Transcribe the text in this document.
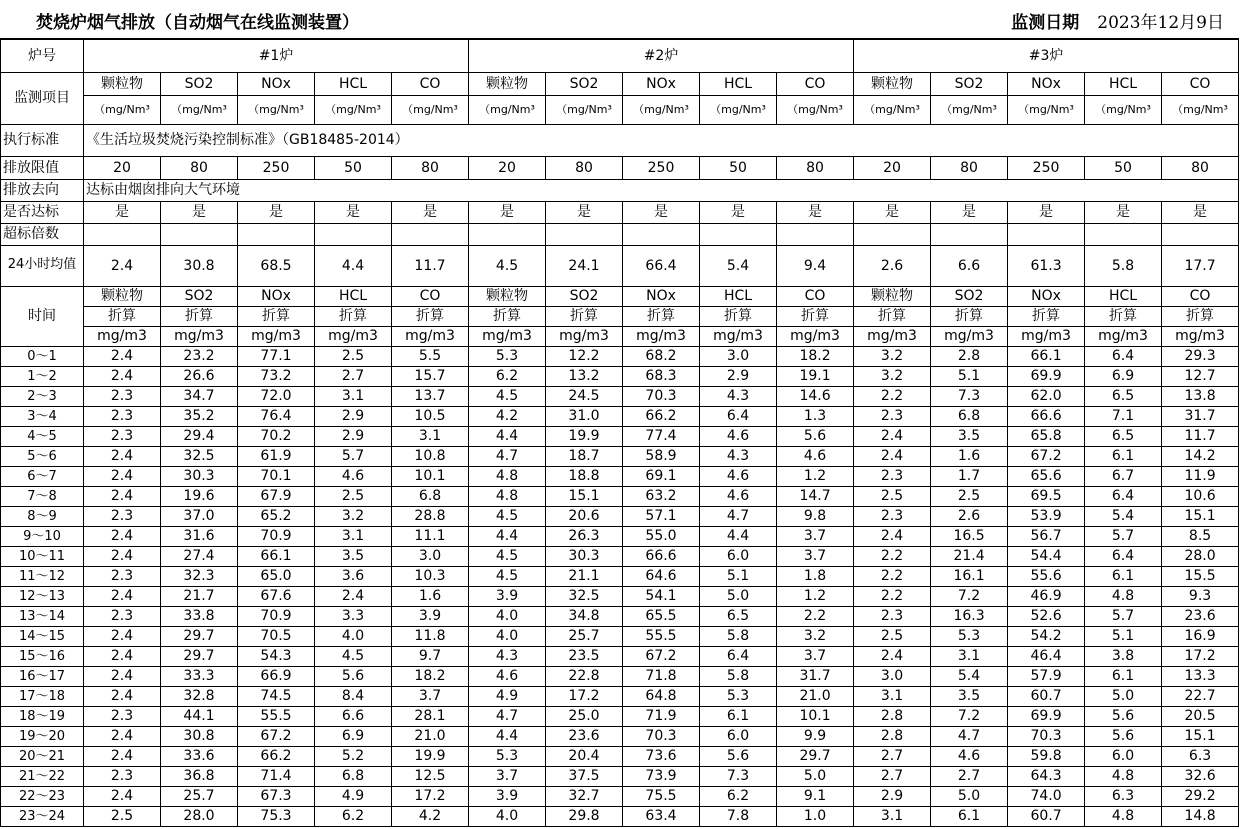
焚烧炉烟气排放（自动烟气在线监测装置）	监测日期 2023年12月9日
炉号	#1炉					#2炉					#3炉				
监测项目	颗粒物	SO2	NOx	HCL	CO	颗粒物	SO2	NOx	HCL	CO	颗粒物	SO2	NOx	HCL	CO
	（mg/Nm³	（mg/Nm³	（mg/Nm³	（mg/Nm³	（mg/Nm³	（mg/Nm³	（mg/Nm³	（mg/Nm³	（mg/Nm³	（mg/Nm³	（mg/Nm³	（mg/Nm³	（mg/Nm³	（mg/Nm³	（mg/Nm³
执行标准	《生活垃圾焚烧污染控制标准》（GB18485-2014）														
排放限值	20	80	250	50	80	20	80	250	50	80	20	80	250	50	80
排放去向	达标由烟囱排向大气环境														
是否达标	是	是	是	是	是	是	是	是	是	是	是	是	是	是	是
超标倍数															
24小时均值	2.4	30.8	68.5	4.4	11.7	4.5	24.1	66.4	5.4	9.4	2.6	6.6	61.3	5.8	17.7
时间	颗粒物	SO2	NOx	HCL	CO	颗粒物	SO2	NOx	HCL	CO	颗粒物	SO2	NOx	HCL	CO
	折算	折算	折算	折算	折算	折算	折算	折算	折算	折算	折算	折算	折算	折算	折算
	mg/m3	mg/m3	mg/m3	mg/m3	mg/m3	mg/m3	mg/m3	mg/m3	mg/m3	mg/m3	mg/m3	mg/m3	mg/m3	mg/m3	mg/m3
0～1	2.4	23.2	77.1	2.5	5.5	5.3	12.2	68.2	3.0	18.2	3.2	2.8	66.1	6.4	29.3
1～2	2.4	26.6	73.2	2.7	15.7	6.2	13.2	68.3	2.9	19.1	3.2	5.1	69.9	6.9	12.7
2～3	2.3	34.7	72.0	3.1	13.7	4.5	24.5	70.3	4.3	14.6	2.2	7.3	62.0	6.5	13.8
3～4	2.3	35.2	76.4	2.9	10.5	4.2	31.0	66.2	6.4	1.3	2.3	6.8	66.6	7.1	31.7
4～5	2.3	29.4	70.2	2.9	3.1	4.4	19.9	77.4	4.6	5.6	2.4	3.5	65.8	6.5	11.7
5～6	2.4	32.5	61.9	5.7	10.8	4.7	18.7	58.9	4.3	4.6	2.4	1.6	67.2	6.1	14.2
6～7	2.4	30.3	70.1	4.6	10.1	4.8	18.8	69.1	4.6	1.2	2.3	1.7	65.6	6.7	11.9
7～8	2.4	19.6	67.9	2.5	6.8	4.8	15.1	63.2	4.6	14.7	2.5	2.5	69.5	6.4	10.6
8～9	2.3	37.0	65.2	3.2	28.8	4.5	20.6	57.1	4.7	9.8	2.3	2.6	53.9	5.4	15.1
9～10	2.4	31.6	70.9	3.1	11.1	4.4	26.3	55.0	4.4	3.7	2.4	16.5	56.7	5.7	8.5
10～11	2.4	27.4	66.1	3.5	3.0	4.5	30.3	66.6	6.0	3.7	2.2	21.4	54.4	6.4	28.0
11～12	2.3	32.3	65.0	3.6	10.3	4.5	21.1	64.6	5.1	1.8	2.2	16.1	55.6	6.1	15.5
12～13	2.4	21.7	67.6	2.4	1.6	3.9	32.5	54.1	5.0	1.2	2.2	7.2	46.9	4.8	9.3
13～14	2.3	33.8	70.9	3.3	3.9	4.0	34.8	65.5	6.5	2.2	2.3	16.3	52.6	5.7	23.6
14～15	2.4	29.7	70.5	4.0	11.8	4.0	25.7	55.5	5.8	3.2	2.5	5.3	54.2	5.1	16.9
15～16	2.4	29.7	54.3	4.5	9.7	4.3	23.5	67.2	6.4	3.7	2.4	3.1	46.4	3.8	17.2
16～17	2.4	33.3	66.9	5.6	18.2	4.6	22.8	71.8	5.8	31.7	3.0	5.4	57.9	6.1	13.3
17～18	2.4	32.8	74.5	8.4	3.7	4.9	17.2	64.8	5.3	21.0	3.1	3.5	60.7	5.0	22.7
18～19	2.3	44.1	55.5	6.6	28.1	4.7	25.0	71.9	6.1	10.1	2.8	7.2	69.9	5.6	20.5
19～20	2.4	30.8	67.2	6.9	21.0	4.4	23.6	70.3	6.0	9.9	2.8	4.7	70.3	5.6	15.1
20～21	2.4	33.6	66.2	5.2	19.9	5.3	20.4	73.6	5.6	29.7	2.7	4.6	59.8	6.0	6.3
21～22	2.3	36.8	71.4	6.8	12.5	3.7	37.5	73.9	7.3	5.0	2.7	2.7	64.3	4.8	32.6
22～23	2.4	25.7	67.3	4.9	17.2	3.9	32.7	75.5	6.2	9.1	2.9	5.0	74.0	6.3	29.2
23～24	2.5	28.0	75.3	6.2	4.2	4.0	29.8	63.4	7.8	1.0	3.1	6.1	60.7	4.8	14.8
